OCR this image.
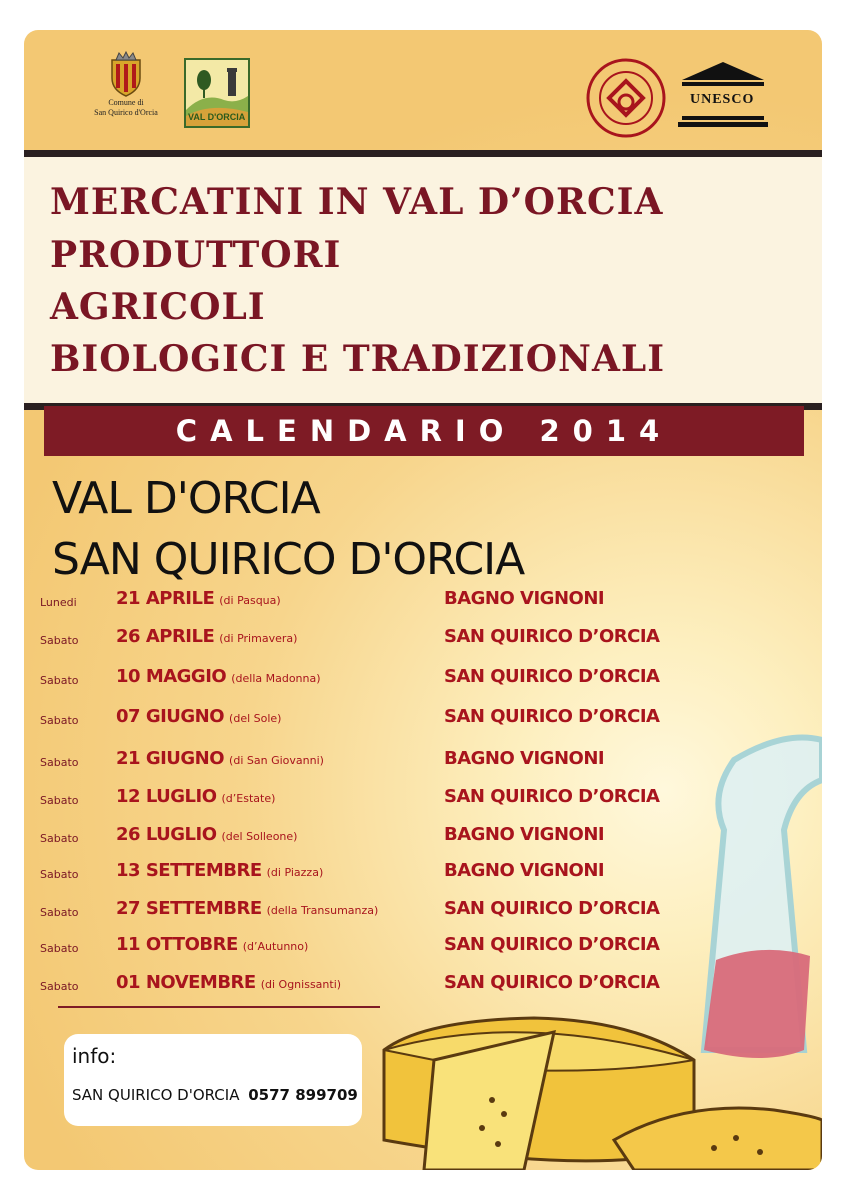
Comune di
San Quirico d'Orcia	VAL D'ORCIA
UNESCO
MERCATINI IN VAL D’ORCIA
PRODUTTORI
AGRICOLI
BIOLOGICI E TRADIZIONALI
CALENDARIO 2014
VAL D'ORCIA
SAN QUIRICO D'ORCIA
Lunedi 21 APRILE (di Pasqua)	BAGNO VIGNONI
Sabato 26 APRILE (di Primavera)	SAN QUIRICO D’ORCIA
Sabato 10 MAGGIO (della Madonna)	SAN QUIRICO D’ORCIA
Sabato 07 GIUGNO (del Sole)	SAN QUIRICO D’ORCIA
Sabato 21 GIUGNO (di San Giovanni)	BAGNO VIGNONI
Sabato 12 LUGLIO (d’Estate)	SAN QUIRICO D’ORCIA
Sabato 26 LUGLIO (del Solleone)	BAGNO VIGNONI
Sabato 13 SETTEMBRE (di Piazza)	BAGNO VIGNONI
Sabato 27 SETTEMBRE (della Transumanza)	SAN QUIRICO D’ORCIA
Sabato 11 OTTOBRE (d’Autunno)	SAN QUIRICO D’ORCIA
Sabato 01 NOVEMBRE (di Ognissanti)	SAN QUIRICO D’ORCIA
info:
SAN QUIRICO D'ORCIA 0577 899709
